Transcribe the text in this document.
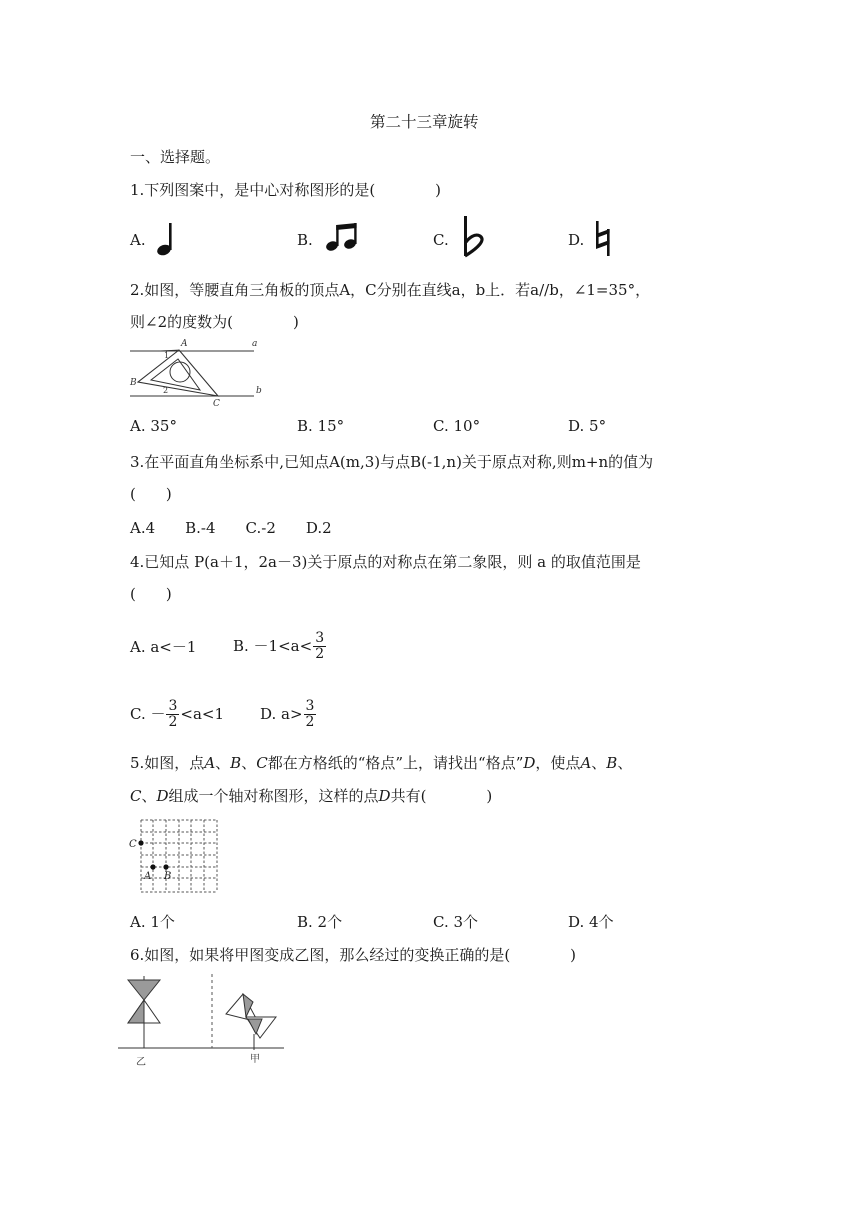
第二十三章旋转
一、选择题。
1.下列图案中，是中心对称图形的是(　　　　)
A.	B.	C.	D.
2.如图，等腰直角三角板的顶点A，C分别在直线a，b上．若a//b，∠1=35°，
则∠2的度数为(　　　　)
A
B
C
a
b
1
2
A. 35°	B. 15°	C. 10°	D. 5°
3.在平面直角坐标系中,已知点A(m,3)与点B(-1,n)关于原点对称,则m+n的值为
(　　)
A.4　　B.-4　　C.-2　　D.2
4.已知点 P(a＋1，2a－3)关于原点的对称点在第二象限，则 a 的取值范围是
(　　)
A. a<－1 B. $-1<a< \frac{3}{2}$
C. － $\frac{3}{2} <a<1$ D. $a> \frac{3}{2}$
5.如图，点A、B、C都在方格纸的“格点”上，请找出“格点”D，使点A、B、
C、D组成一个轴对称图形，这样的点D共有(　　　　)
C
A B
A. 1个	B. 2个	C. 3个	D. 4个
6.如图，如果将甲图变成乙图，那么经过的变换正确的是(　　　　)
乙	甲
